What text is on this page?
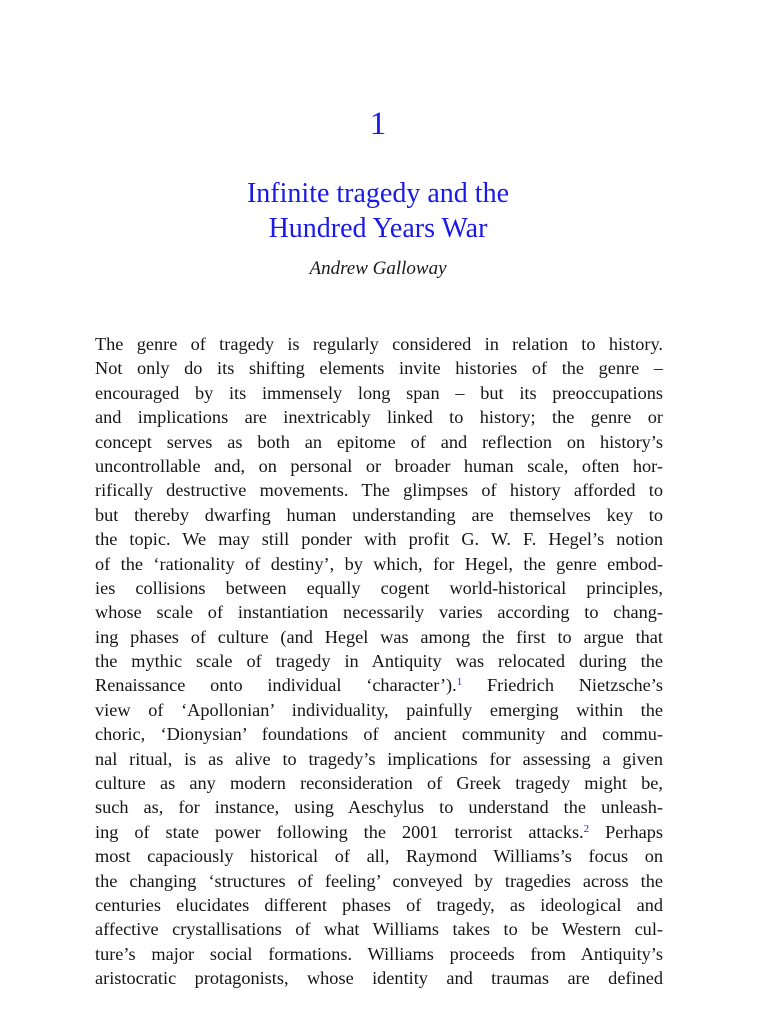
1
Infinite tragedy and the
Hundred Years War
Andrew Galloway
The genre of tragedy is regularly considered in relation to history.
Not only do its shifting elements invite histories of the genre –
encouraged by its immensely long span – but its preoccupations
and implications are inextricably linked to history; the genre or
concept serves as both an epitome of and reflection on history’s
uncontrollable and, on personal or broader human scale, often hor-
rifically destructive movements. The glimpses of history afforded to
but thereby dwarfing human understanding are themselves key to
the topic. We may still ponder with profit G. W. F. Hegel’s notion
of the ‘rationality of destiny’, by which, for Hegel, the genre embod-
ies collisions between equally cogent world-historical principles,
whose scale of instantiation necessarily varies according to chang-
ing phases of culture (and Hegel was among the first to argue that
the mythic scale of tragedy in Antiquity was relocated during the
Renaissance onto individual ‘character’).$^1$ Friedrich Nietzsche’s
view of ‘Apollonian’ individuality, painfully emerging within the
choric, ‘Dionysian’ foundations of ancient community and commu-
nal ritual, is as alive to tragedy’s implications for assessing a given
culture as any modern reconsideration of Greek tragedy might be,
such as, for instance, using Aeschylus to understand the unleash-
ing of state power following the 2001 terrorist attacks.$^2$ Perhaps
most capaciously historical of all, Raymond Williams’s focus on
the changing ‘structures of feeling’ conveyed by tragedies across the
centuries elucidates different phases of tragedy, as ideological and
affective crystallisations of what Williams takes to be Western cul-
ture’s major social formations. Williams proceeds from Antiquity’s
aristocratic protagonists, whose identity and traumas are defined
